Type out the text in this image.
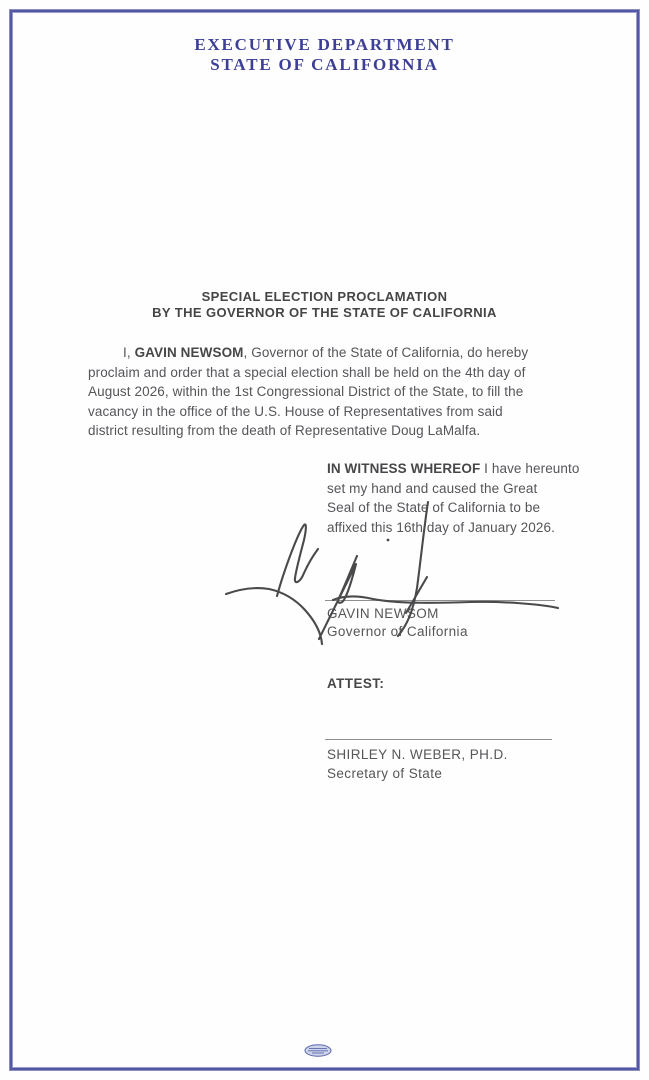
EXECUTIVE DEPARTMENT
STATE OF CALIFORNIA
SPECIAL ELECTION PROCLAMATION
BY THE GOVERNOR OF THE STATE OF CALIFORNIA
I, GAVIN NEWSOM, Governor of the State of California, do hereby
proclaim and order that a special election shall be held on the 4th day of
August 2026, within the 1st Congressional District of the State, to fill the
vacancy in the office of the U.S. House of Representatives from said
district resulting from the death of Representative Doug LaMalfa.
IN WITNESS WHEREOF I have hereunto
set my hand and caused the Great
Seal of the State of California to be
affixed this 16th day of January 2026.
GAVIN NEWSOM
Governor of California
ATTEST:
SHIRLEY N. WEBER, PH.D.
Secretary of State
